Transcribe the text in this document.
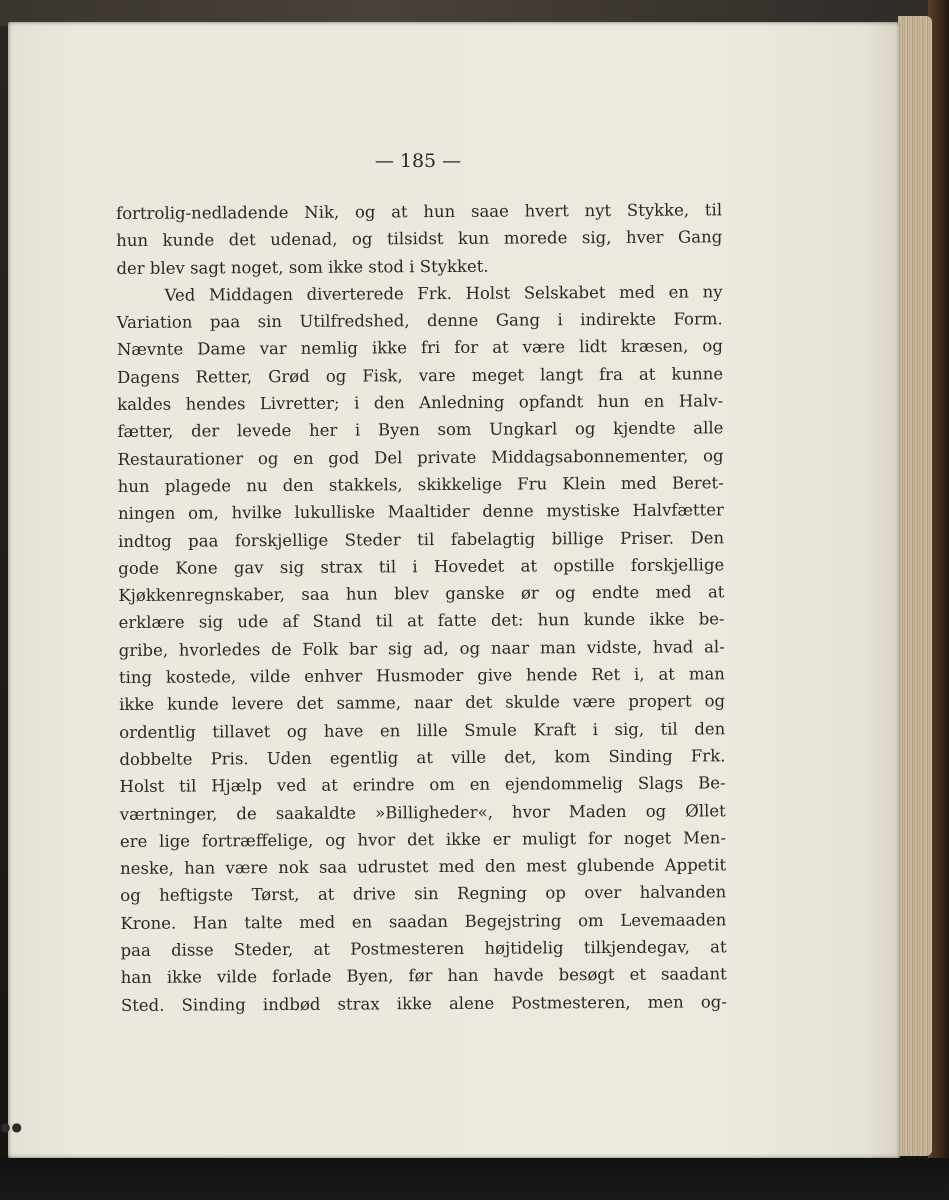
— 185 —
fortrolig-nedladende Nik, og at hun saae hvert nyt Stykke, til
hun kunde det udenad, og tilsidst kun morede sig, hver Gang
der blev sagt noget, som ikke stod i Stykket.
Ved Middagen diverterede Frk. Holst Selskabet med en ny
Variation paa sin Utilfredshed, denne Gang i indirekte Form.
Nævnte Dame var nemlig ikke fri for at være lidt kræsen, og
Dagens Retter, Grød og Fisk, vare meget langt fra at kunne
kaldes hendes Livretter; i den Anledning opfandt hun en Halv-
fætter, der levede her i Byen som Ungkarl og kjendte alle
Restaurationer og en god Del private Middagsabonnementer, og
hun plagede nu den stakkels, skikkelige Fru Klein med Beret-
ningen om, hvilke lukulliske Maaltider denne mystiske Halvfætter
indtog paa forskjellige Steder til fabelagtig billige Priser. Den
gode Kone gav sig strax til i Hovedet at opstille forskjellige
Kjøkkenregnskaber, saa hun blev ganske ør og endte med at
erklære sig ude af Stand til at fatte det: hun kunde ikke be-
gribe, hvorledes de Folk bar sig ad, og naar man vidste, hvad al-
ting kostede, vilde enhver Husmoder give hende Ret i, at man
ikke kunde levere det samme, naar det skulde være propert og
ordentlig tillavet og have en lille Smule Kraft i sig, til den
dobbelte Pris. Uden egentlig at ville det, kom Sinding Frk.
Holst til Hjælp ved at erindre om en ejendommelig Slags Be-
værtninger, de saakaldte »Billigheder«, hvor Maden og Øllet
ere lige fortræffelige, og hvor det ikke er muligt for noget Men-
neske, han være nok saa udrustet med den mest glubende Appetit
og heftigste Tørst, at drive sin Regning op over halvanden
Krone. Han talte med en saadan Begejstring om Levemaaden
paa disse Steder, at Postmesteren højtidelig tilkjendegav, at
han ikke vilde forlade Byen, før han havde besøgt et saadant
Sted. Sinding indbød strax ikke alene Postmesteren, men og-
●●
